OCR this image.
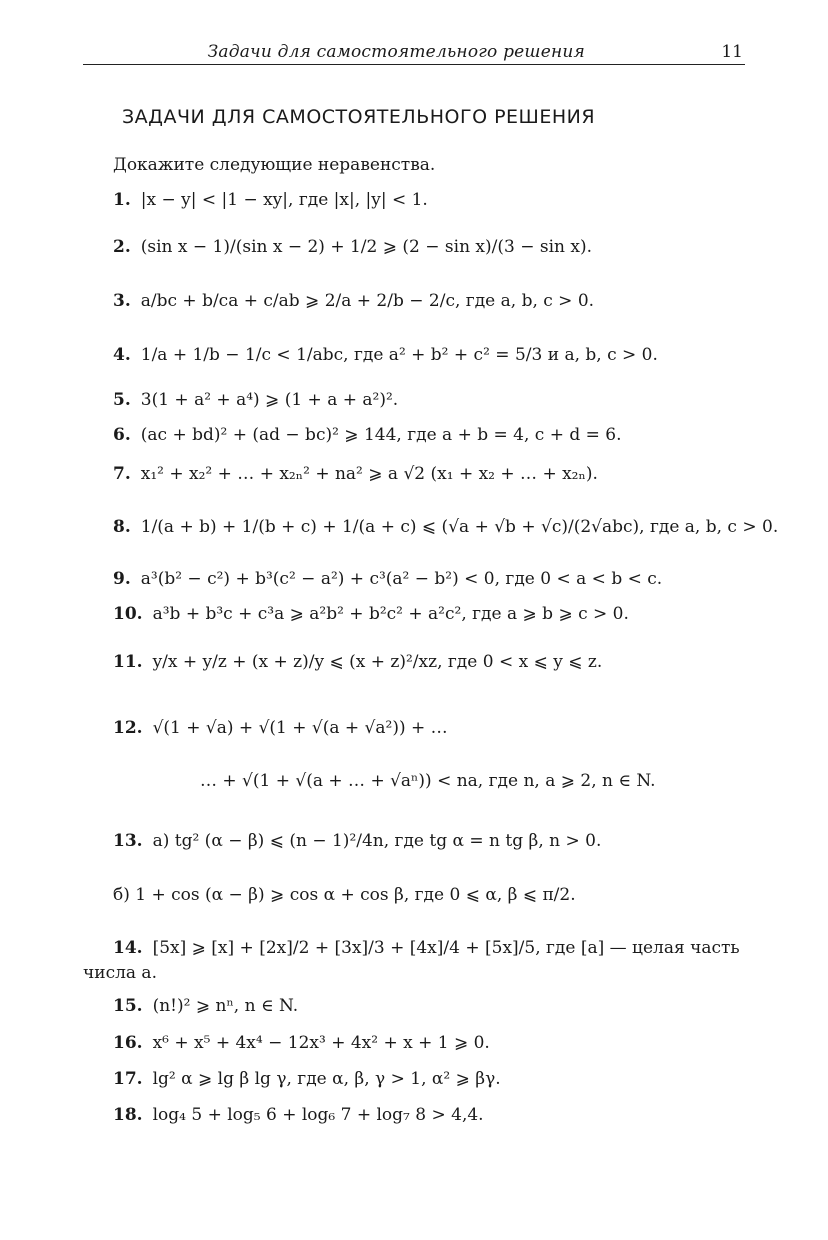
Задачи для самостоятельного решения	11
ЗАДАЧИ ДЛЯ САМОСТОЯТЕЛЬНОГО РЕШЕНИЯ
Докажите следующие неравенства.
1. |x − y| < |1 − xy|, где |x|, |y| < 1.
2. (sin x − 1)/(sin x − 2) + 1/2 ⩾ (2 − sin x)/(3 − sin x).
3. a/bc + b/ca + c/ab ⩾ 2/a + 2/b − 2/c, где a, b, c > 0.
4. 1/a + 1/b − 1/c < 1/abc, где a² + b² + c² = 5/3 и a, b, c > 0.
5. 3(1 + a² + a⁴) ⩾ (1 + a + a²)².
6. (ac + bd)² + (ad − bc)² ⩾ 144, где a + b = 4, c + d = 6.
7. x₁² + x₂² + … + x₂ₙ² + na² ⩾ a √2 (x₁ + x₂ + … + x₂ₙ).
8. 1/(a + b) + 1/(b + c) + 1/(a + c) ⩽ (√a + √b + √c)/(2√abc), где a, b, c > 0.
9. a³(b² − c²) + b³(c² − a²) + c³(a² − b²) < 0, где 0 < a < b < c.
10. a³b + b³c + c³a ⩾ a²b² + b²c² + a²c², где a ⩾ b ⩾ c > 0.
11. y/x + y/z + (x + z)/y ⩽ (x + z)²/xz, где 0 < x ⩽ y ⩽ z.
12. √(1 + √a) + √(1 + √(a + √a²)) + …
… + √(1 + √(a + … + √aⁿ)) < na, где n, a ⩾ 2, n ∈ N.
13. а) tg² (α − β) ⩽ (n − 1)²/4n, где tg α = n tg β, n > 0.
б) 1 + cos (α − β) ⩾ cos α + cos β, где 0 ⩽ α, β ⩽ π/2.
14. [5x] ⩾ [x] + [2x]/2 + [3x]/3 + [4x]/4 + [5x]/5, где [a] — целая часть
числа a.
15. (n!)² ⩾ nⁿ, n ∈ N.
16. x⁶ + x⁵ + 4x⁴ − 12x³ + 4x² + x + 1 ⩾ 0.
17. lg² α ⩾ lg β lg γ, где α, β, γ > 1, α² ⩾ βγ.
18. log₄ 5 + log₅ 6 + log₆ 7 + log₇ 8 > 4,4.
